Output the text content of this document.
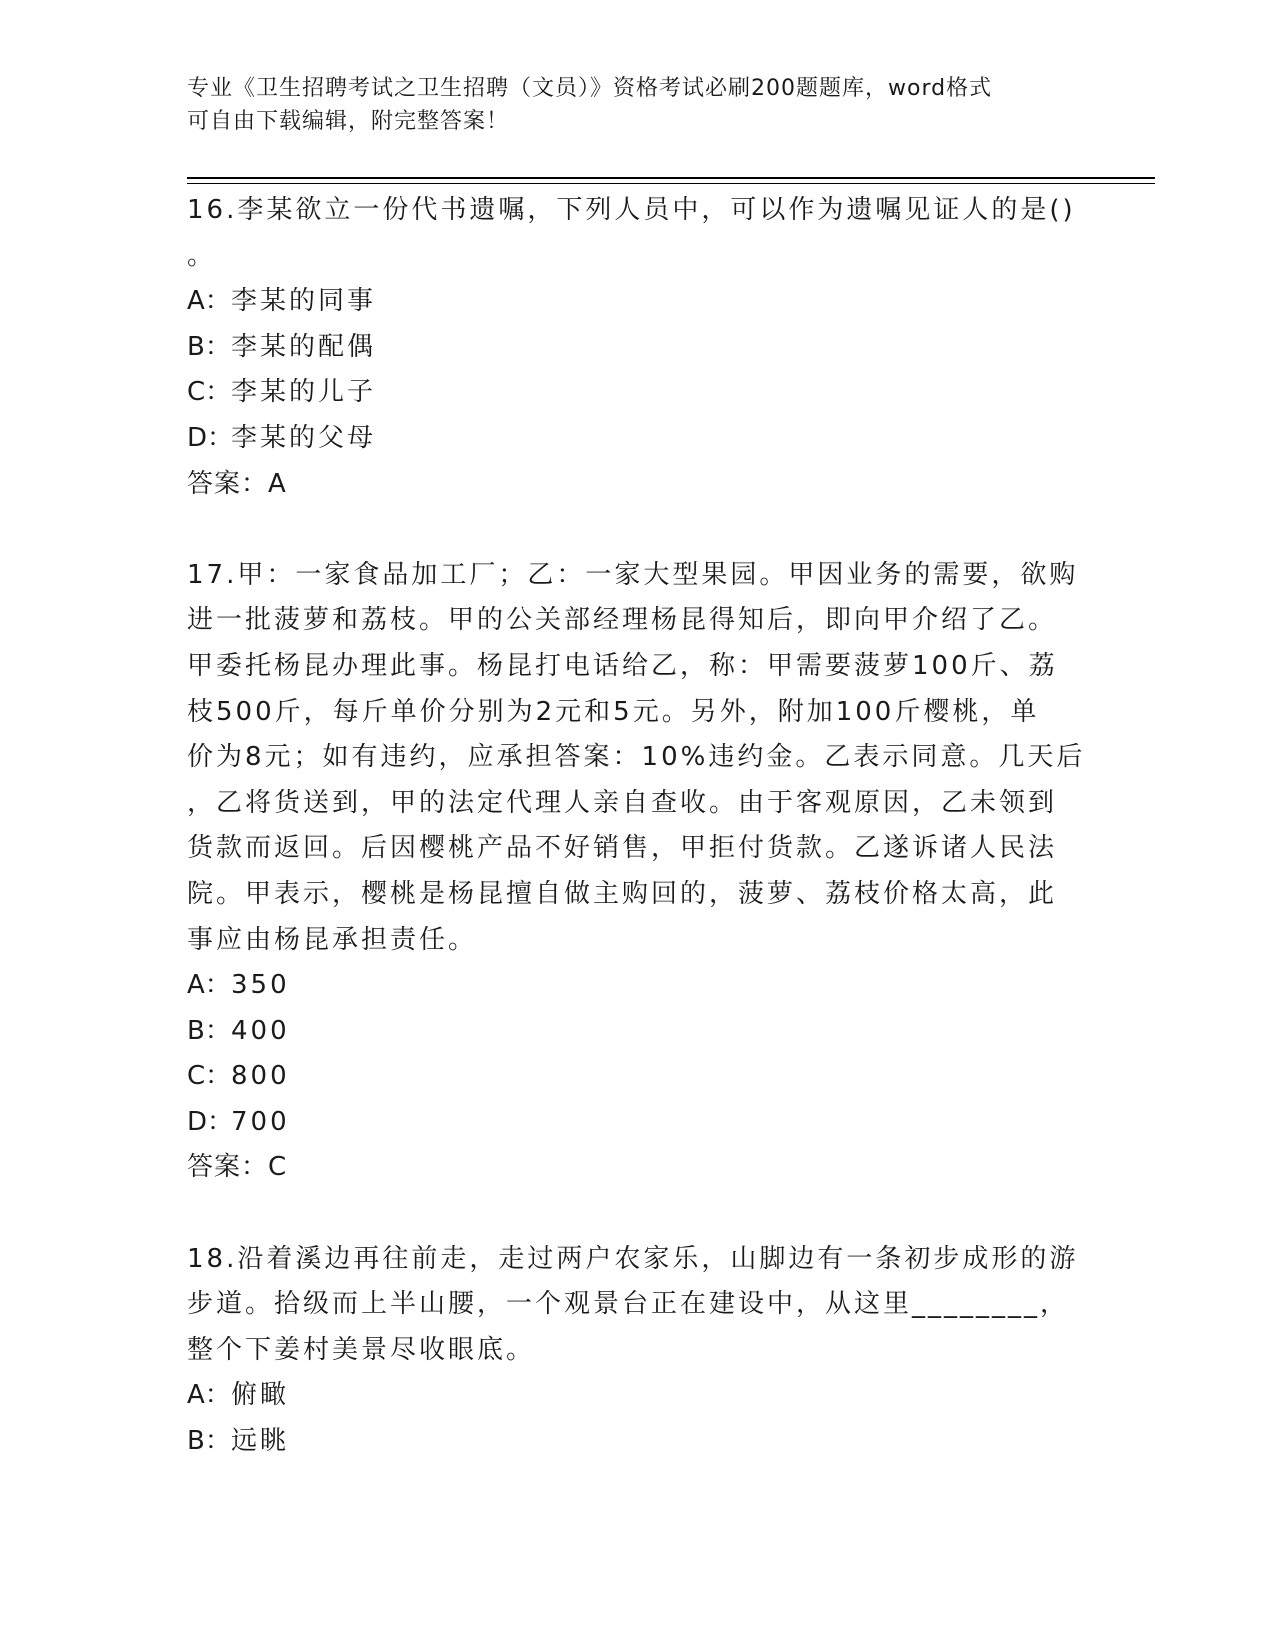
专业《卫生招聘考试之卫生招聘（文员）》资格考试必刷200题题库，word格式
可自由下载编辑，附完整答案！
16.李某欲立一份代书遗嘱，下列人员中，可以作为遗嘱见证人的是()
。
A： 李某的同事
B： 李某的配偶
C： 李某的儿子
D：
李某的父母
答案：A
17.甲：一家食品加工厂；乙：一家大型果园。甲因业务的需要，欲购
进一批菠萝和荔枝。甲的公关部经理杨昆得知后，即向甲介绍了乙。
甲委托杨昆办理此事。杨昆打电话给乙，称：甲需要菠萝100斤、荔
枝500斤，每斤单价分别为2元和5元。另外，附加100斤樱桃，单
价为8元；如有违约，应承担答案：10%违约金。乙表示同意。几天后
，乙将货送到，甲的法定代理人亲自查收。由于客观原因，乙未领到
货款而返回。后因樱桃产品不好销售，甲拒付货款。乙遂诉诸人民法
院。甲表示，樱桃是杨昆擅自做主购回的，菠萝、荔枝价格太高，此
事应由杨昆承担责任。
A： 350
B： 400
C： 800
D：
700
答案：C
18.沿着溪边再往前走，走过两户农家乐，山脚边有一条初步成形的游
步道。拾级而上半山腰，一个观景台正在建设中，从这里________，
整个下姜村美景尽收眼底。
A： 俯瞰
B： 远眺
